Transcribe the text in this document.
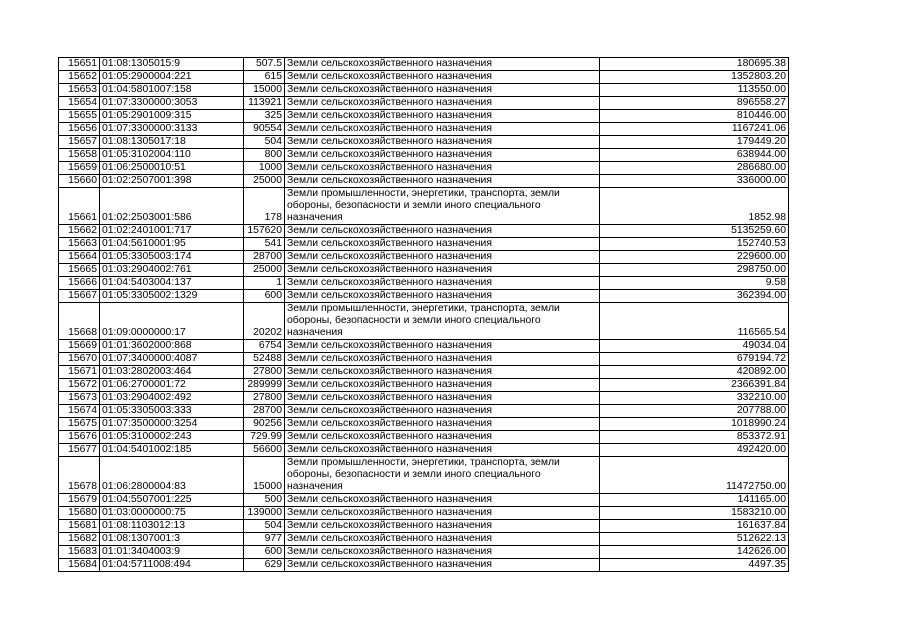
15651	01:08:1305015:9	507.5	Земли сельскохозяйственного назначения	180695.38
15652	01:05:2900004:221	615	Земли сельскохозяйственного назначения	1352803.20
15653	01:04:5801007:158	15000	Земли сельскохозяйственного назначения	113550.00
15654	01:07:3300000:3053	113921	Земли сельскохозяйственного назначения	896558.27
15655	01:05:2901009:315	325	Земли сельскохозяйственного назначения	810446.00
15656	01:07:3300000:3133	90554	Земли сельскохозяйственного назначения	1167241.06
15657	01:08:1305017:18	504	Земли сельскохозяйственного назначения	179449.20
15658	01:05:3102004:110	800	Земли сельскохозяйственного назначения	638944.00
15659	01:06:2500010:51	1000	Земли сельскохозяйственного назначения	286680.00
15660	01:02:2507001:398	25000	Земли сельскохозяйственного назначения	336000.00
15661	01:02:2503001:586	178	Земли промышленности, энергетики, транспорта, земли обороны, безопасности и земли иного специального назначения	1852.98
15662	01:02:2401001:717	157620	Земли сельскохозяйственного назначения	5135259.60
15663	01:04:5610001:95	541	Земли сельскохозяйственного назначения	152740.53
15664	01:05:3305003:174	28700	Земли сельскохозяйственного назначения	229600.00
15665	01:03:2904002:761	25000	Земли сельскохозяйственного назначения	298750.00
15666	01:04:5403004:137	1	Земли сельскохозяйственного назначения	9.58
15667	01:05:3305002:1329	600	Земли сельскохозяйственного назначения	362394.00
15668	01:09:0000000:17	20202	Земли промышленности, энергетики, транспорта, земли обороны, безопасности и земли иного специального назначения	116565.54
15669	01:01:3602000:868	6754	Земли сельскохозяйственного назначения	49034.04
15670	01:07:3400000:4087	52488	Земли сельскохозяйственного назначения	679194.72
15671	01:03:2802003:464	27800	Земли сельскохозяйственного назначения	420892.00
15672	01:06:2700001:72	289999	Земли сельскохозяйственного назначения	2366391.84
15673	01:03:2904002:492	27800	Земли сельскохозяйственного назначения	332210.00
15674	01:05:3305003:333	28700	Земли сельскохозяйственного назначения	207788.00
15675	01:07:3500000:3254	90256	Земли сельскохозяйственного назначения	1018990.24
15676	01:05:3100002:243	729.99	Земли сельскохозяйственного назначения	853372.91
15677	01:04:5401002:185	56600	Земли сельскохозяйственного назначения	492420.00
15678	01:06:2800004:83	15000	Земли промышленности, энергетики, транспорта, земли обороны, безопасности и земли иного специального назначения	11472750.00
15679	01:04:5507001:225	500	Земли сельскохозяйственного назначения	141165.00
15680	01:03:0000000:75	139000	Земли сельскохозяйственного назначения	1583210.00
15681	01:08:1103012:13	504	Земли сельскохозяйственного назначения	161637.84
15682	01:08:1307001:3	977	Земли сельскохозяйственного назначения	512622.13
15683	01:01:3404003:9	600	Земли сельскохозяйственного назначения	142626.00
15684	01:04:5711008:494	629	Земли сельскохозяйственного назначения	4497.35
